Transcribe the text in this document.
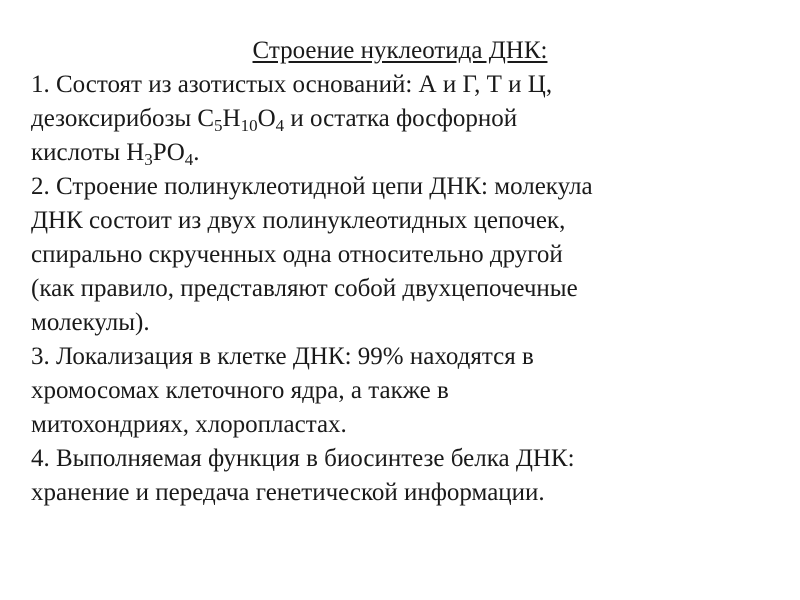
Строение нуклеотида ДНК:
1. Состоят из азотистых оснований: А и Г, Т и Ц,
дезоксирибозы $C_5H_{10}O_4$ и остатка фосфорной
кислоты $H_3PO_4$.
2. Строение полинуклеотидной цепи ДНК: молекула
ДНК состоит из двух полинуклеотидных цепочек,
спирально скрученных одна относительно другой
(как правило, представляют собой двухцепочечные
молекулы).
3. Локализация в клетке ДНК: 99% находятся в
хромосомах клеточного ядра, а также в
митохондриях, хлоропластах.
4. Выполняемая функция в биосинтезе белка ДНК:
хранение и передача генетической информации.
